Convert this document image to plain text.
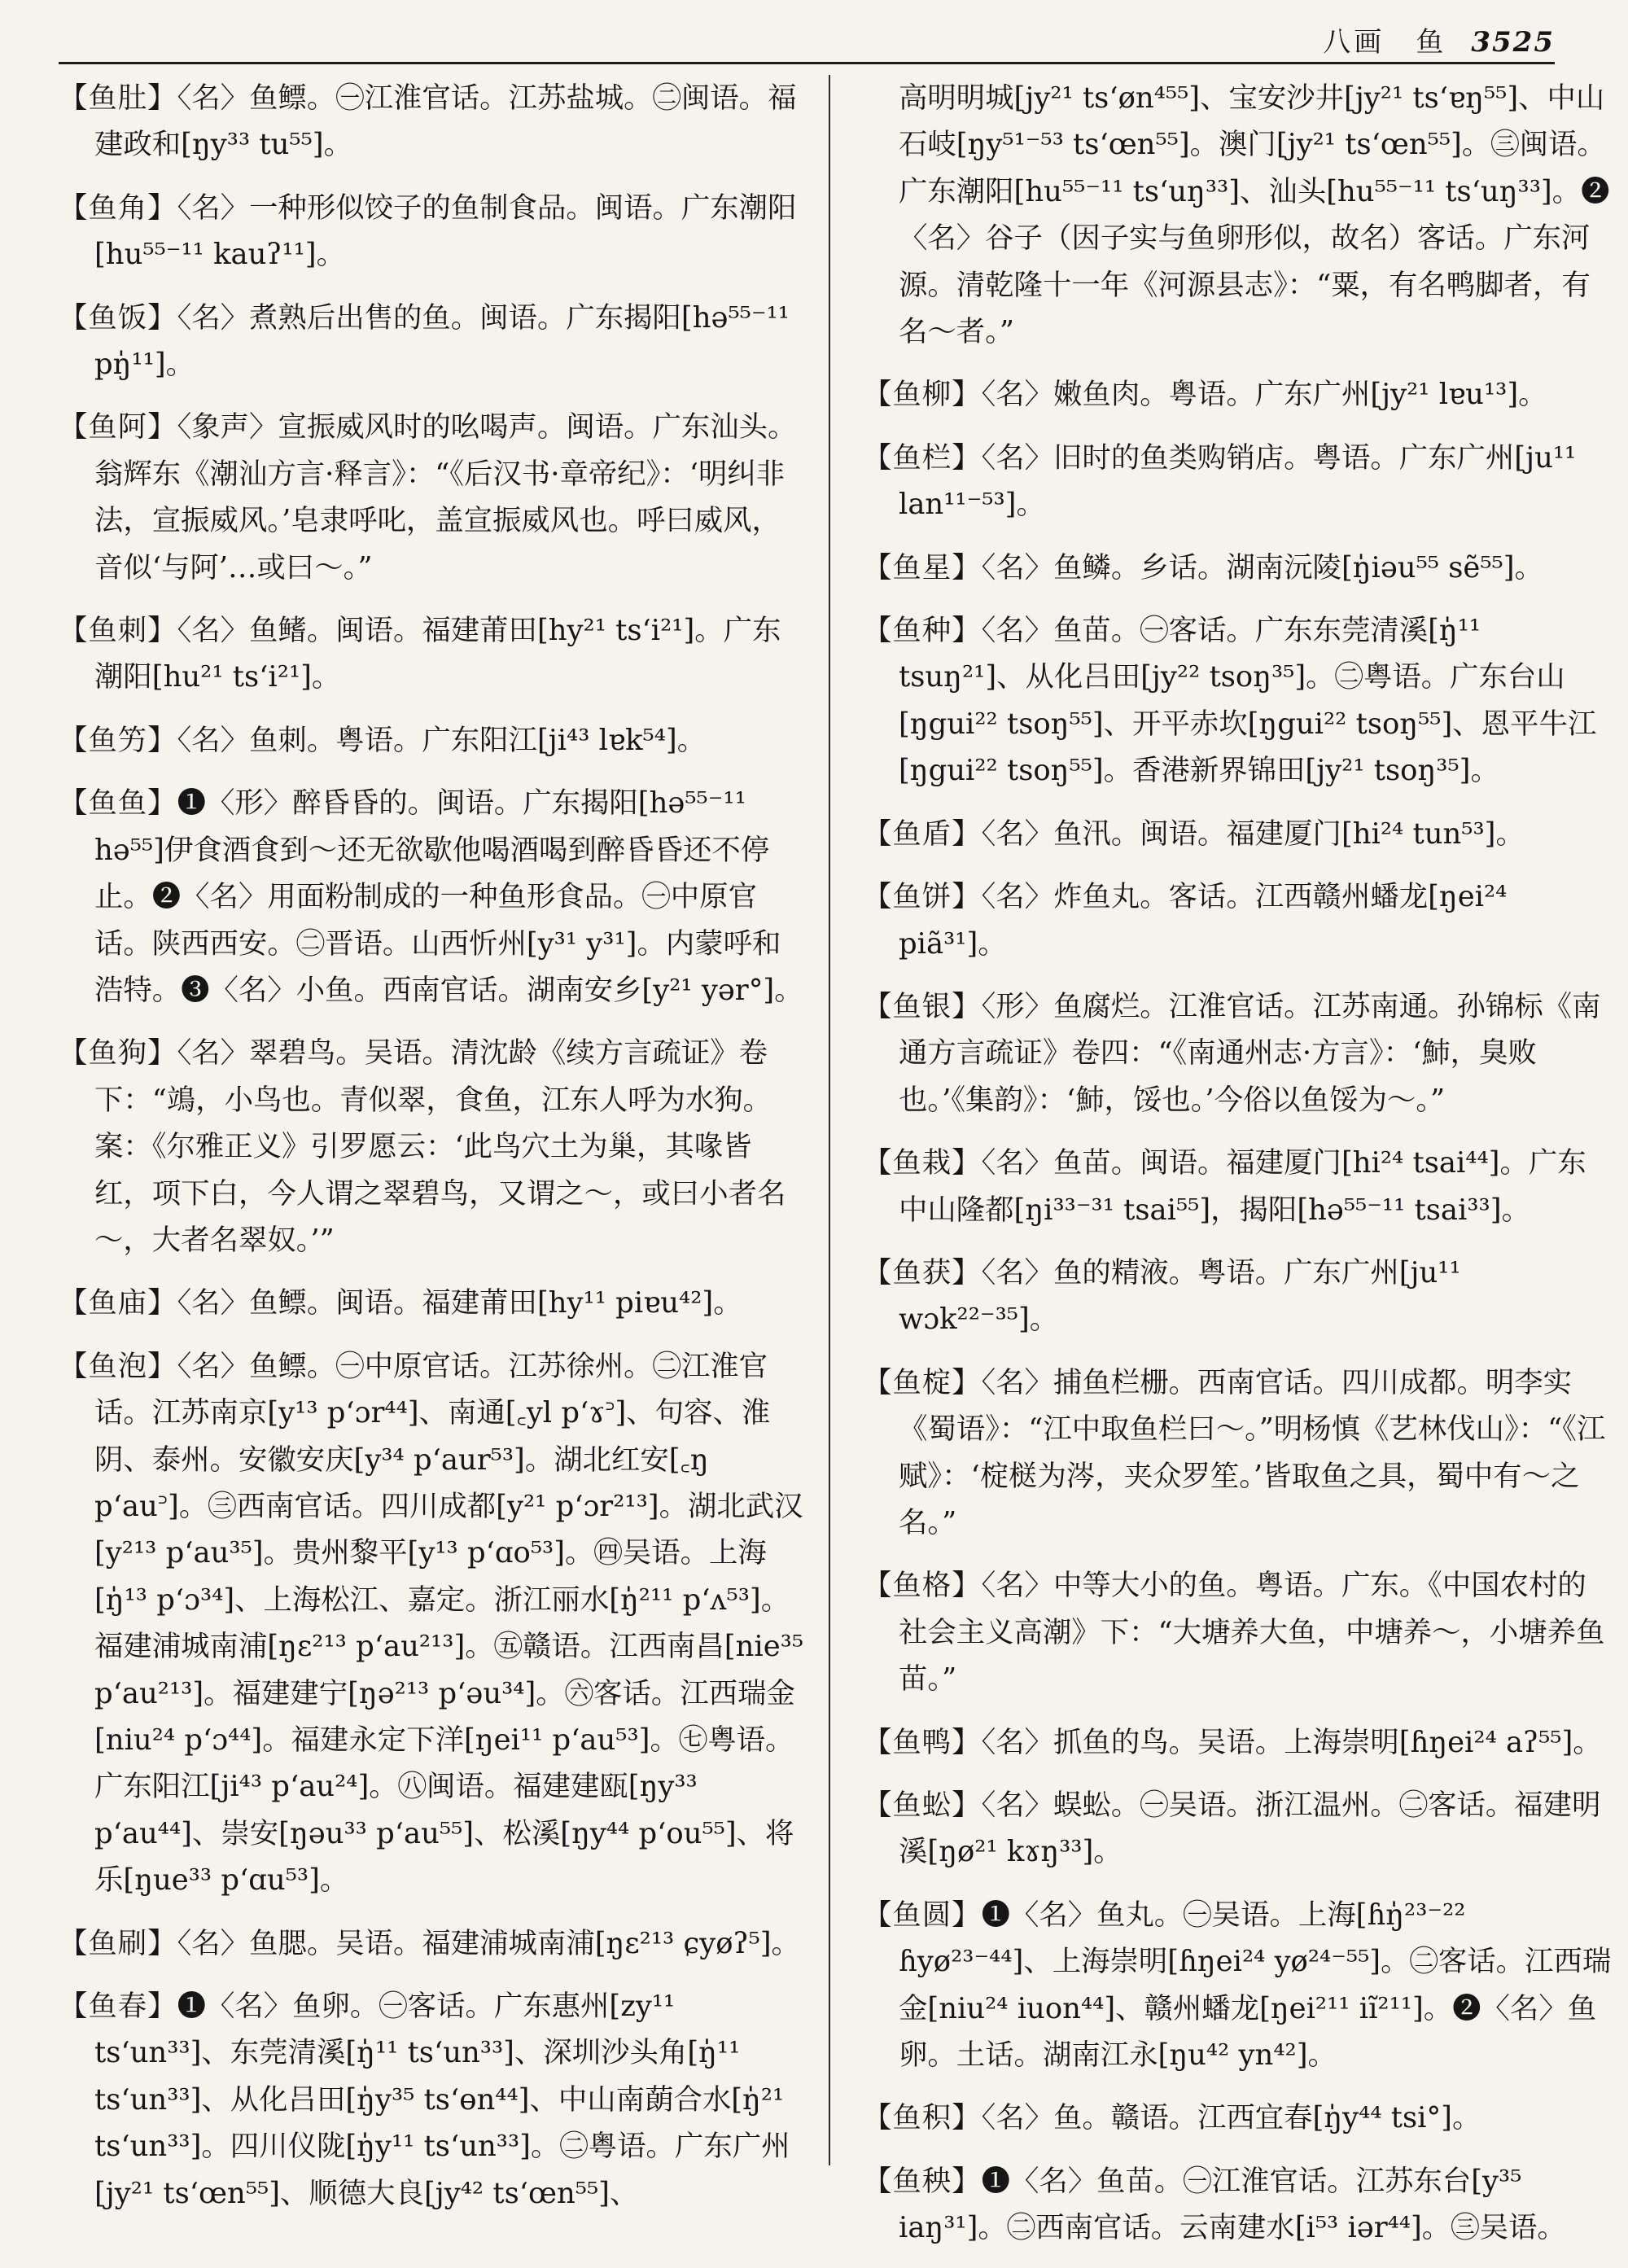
八画　鱼 3525

【鱼肚】〈名〉鱼鳔。㊀江淮官话。江苏盐城。㊁闽语。福建政和[ŋy³³ tu⁵⁵]。

【鱼角】〈名〉一种形似饺子的鱼制食品。闽语。广东潮阳[hu⁵⁵⁻¹¹ kauʔ¹¹]。

【鱼饭】〈名〉煮熟后出售的鱼。闽语。广东揭阳[hə⁵⁵⁻¹¹ pŋ̍¹¹]。

【鱼阿】〈象声〉宣振威风时的吆喝声。闽语。广东汕头。翁辉东《潮汕方言·释言》：“《后汉书·章帝纪》：‘明纠非法，宣振威风。’皂隶呼叱，盖宣振威风也。呼曰威风，音似‘与阿’…或曰～。”

【鱼刺】〈名〉鱼鳍。闽语。福建莆田[hy²¹ tsʻi²¹]。广东潮阳[hu²¹ tsʻi²¹]。

【鱼竻】〈名〉鱼刺。粤语。广东阳江[ji⁴³ lɐk⁵⁴]。

【鱼鱼】❶〈形〉醉昏昏的。闽语。广东揭阳[hə⁵⁵⁻¹¹ hə⁵⁵]伊食酒食到～还无欲歇他喝酒喝到醉昏昏还不停止。❷〈名〉用面粉制成的一种鱼形食品。㊀中原官话。陕西西安。㊁晋语。山西忻州[y³¹ y³¹]。内蒙呼和浩特。❸〈名〉小鱼。西南官话。湖南安乡[y²¹ yər°]。

【鱼狗】〈名〉翠碧鸟。吴语。清沈龄《续方言疏证》卷下：“鴗，小鸟也。青似翠，食鱼，江东人呼为水狗。案：《尔雅正义》引罗愿云：‘此鸟穴土为巢，其喙皆红，项下白，今人谓之翠碧鸟，又谓之～，或曰小者名～，大者名翠奴。’”

【鱼庙】〈名〉鱼鳔。闽语。福建莆田[hy¹¹ piɐu⁴²]。

【鱼泡】〈名〉鱼鳔。㊀中原官话。江苏徐州。㊁江淮官话。江苏南京[y¹³ pʻɔr⁴⁴]、南通[꜀yl pʻɤ꜄]、句容、淮阴、泰州。安徽安庆[y³⁴ pʻaur⁵³]。湖北红安[꜀ŋ pʻau꜄]。㊂西南官话。四川成都[y²¹ pʻɔr²¹³]。湖北武汉[y²¹³ pʻau³⁵]。贵州黎平[y¹³ pʻɑo⁵³]。㊃吴语。上海[ŋ̍¹³ pʻɔ³⁴]、上海松江、嘉定。浙江丽水[ŋ̍²¹¹ pʻʌ⁵³]。福建浦城南浦[ŋɛ²¹³ pʻau²¹³]。㊄赣语。江西南昌[nie³⁵ pʻau²¹³]。福建建宁[ŋə²¹³ pʻəu³⁴]。㊅客话。江西瑞金[niu²⁴ pʻɔ⁴⁴]。福建永定下洋[ŋei¹¹ pʻau⁵³]。㊆粤语。广东阳江[ji⁴³ pʻau²⁴]。㊇闽语。福建建瓯[ŋy³³ pʻau⁴⁴]、崇安[ŋəu³³ pʻau⁵⁵]、松溪[ŋy⁴⁴ pʻou⁵⁵]、将乐[ŋue³³ pʻɑu⁵³]。

【鱼刷】〈名〉鱼腮。吴语。福建浦城南浦[ŋɛ²¹³ ɕyøʔ⁵]。

【鱼春】❶〈名〉鱼卵。㊀客话。广东惠州[zy¹¹ tsʻun³³]、东莞清溪[ŋ̍¹¹ tsʻun³³]、深圳沙头角[ŋ̍¹¹ tsʻun³³]、从化吕田[ŋ̍y³⁵ tsʻɵn⁴⁴]、中山南蓢合水[ŋ̍²¹ tsʻun³³]。四川仪陇[ŋ̍y¹¹ tsʻun³³]。㊁粤语。广东广州[jy²¹ tsʻœn⁵⁵]、顺德大良[jy⁴² tsʻœn⁵⁵]、

高明明城[jy²¹ tsʻøn⁴⁵⁵]、宝安沙井[jy²¹ tsʻɐŋ⁵⁵]、中山石岐[ŋy⁵¹⁻⁵³ tsʻœn⁵⁵]。澳门[jy²¹ tsʻœn⁵⁵]。㊂闽语。广东潮阳[hu⁵⁵⁻¹¹ tsʻuŋ³³]、汕头[hu⁵⁵⁻¹¹ tsʻuŋ³³]。❷〈名〉谷子（因子实与鱼卵形似，故名）客话。广东河源。清乾隆十一年《河源县志》：“粟，有名鸭脚者，有名～者。”

【鱼柳】〈名〉嫩鱼肉。粤语。广东广州[jy²¹ lɐu¹³]。

【鱼栏】〈名〉旧时的鱼类购销店。粤语。广东广州[ju¹¹ lan¹¹⁻⁵³]。

【鱼星】〈名〉鱼鳞。乡话。湖南沅陵[ŋ̍iəu⁵⁵ sẽ⁵⁵]。

【鱼种】〈名〉鱼苗。㊀客话。广东东莞清溪[ŋ̍¹¹ tsuŋ²¹]、从化吕田[jy²² tsoŋ³⁵]。㊁粤语。广东台山[ŋgui²² tsoŋ⁵⁵]、开平赤坎[ŋgui²² tsoŋ⁵⁵]、恩平牛江[ŋgui²² tsoŋ⁵⁵]。香港新界锦田[jy²¹ tsoŋ³⁵]。

【鱼盾】〈名〉鱼汛。闽语。福建厦门[hi²⁴ tun⁵³]。

【鱼饼】〈名〉炸鱼丸。客话。江西赣州蟠龙[ŋei²⁴ piã³¹]。

【鱼银】〈形〉鱼腐烂。江淮官话。江苏南通。孙锦标《南通方言疏证》卷四：“《南通州志·方言》：‘䰽，臭败也。’《集韵》：‘䰽，馁也。’今俗以鱼馁为～。”

【鱼栽】〈名〉鱼苗。闽语。福建厦门[hi²⁴ tsai⁴⁴]。广东中山隆都[ŋi³³⁻³¹ tsai⁵⁵]，揭阳[hə⁵⁵⁻¹¹ tsai³³]。

【鱼获】〈名〉鱼的精液。粤语。广东广州[ju¹¹ wɔk²²⁻³⁵]。

【鱼椗】〈名〉捕鱼栏栅。西南官话。四川成都。明李实《蜀语》：“江中取鱼栏曰～。”明杨慎《艺林伐山》：“《江赋》：‘椗㮸为涔，夹众罗笙。’皆取鱼之具，蜀中有～之名。”

【鱼格】〈名〉中等大小的鱼。粤语。广东。《中国农村的社会主义高潮》下：“大塘养大鱼，中塘养～，小塘养鱼苗。”

【鱼鸭】〈名〉抓鱼的鸟。吴语。上海崇明[ɦŋei²⁴ aʔ⁵⁵]。

【鱼蚣】〈名〉蜈蚣。㊀吴语。浙江温州。㊁客话。福建明溪[ŋø²¹ kɤŋ³³]。

【鱼圆】❶〈名〉鱼丸。㊀吴语。上海[ɦŋ̍²³⁻²² ɦyø²³⁻⁴⁴]、上海崇明[ɦŋei²⁴ yø²⁴⁻⁵⁵]。㊁客话。江西瑞金[niu²⁴ iuon⁴⁴]、赣州蟠龙[ŋei²¹¹ iĩ²¹¹]。❷〈名〉鱼卵。土话。湖南江永[ŋu⁴² yn⁴²]。

【鱼积】〈名〉鱼。赣语。江西宜春[ŋ̍y⁴⁴ tsi°]。

【鱼秧】❶〈名〉鱼苗。㊀江淮官话。江苏东台[y³⁵ iaŋ³¹]。㊁西南官话。云南建水[i⁵³ iər⁴⁴]。㊂吴语。
